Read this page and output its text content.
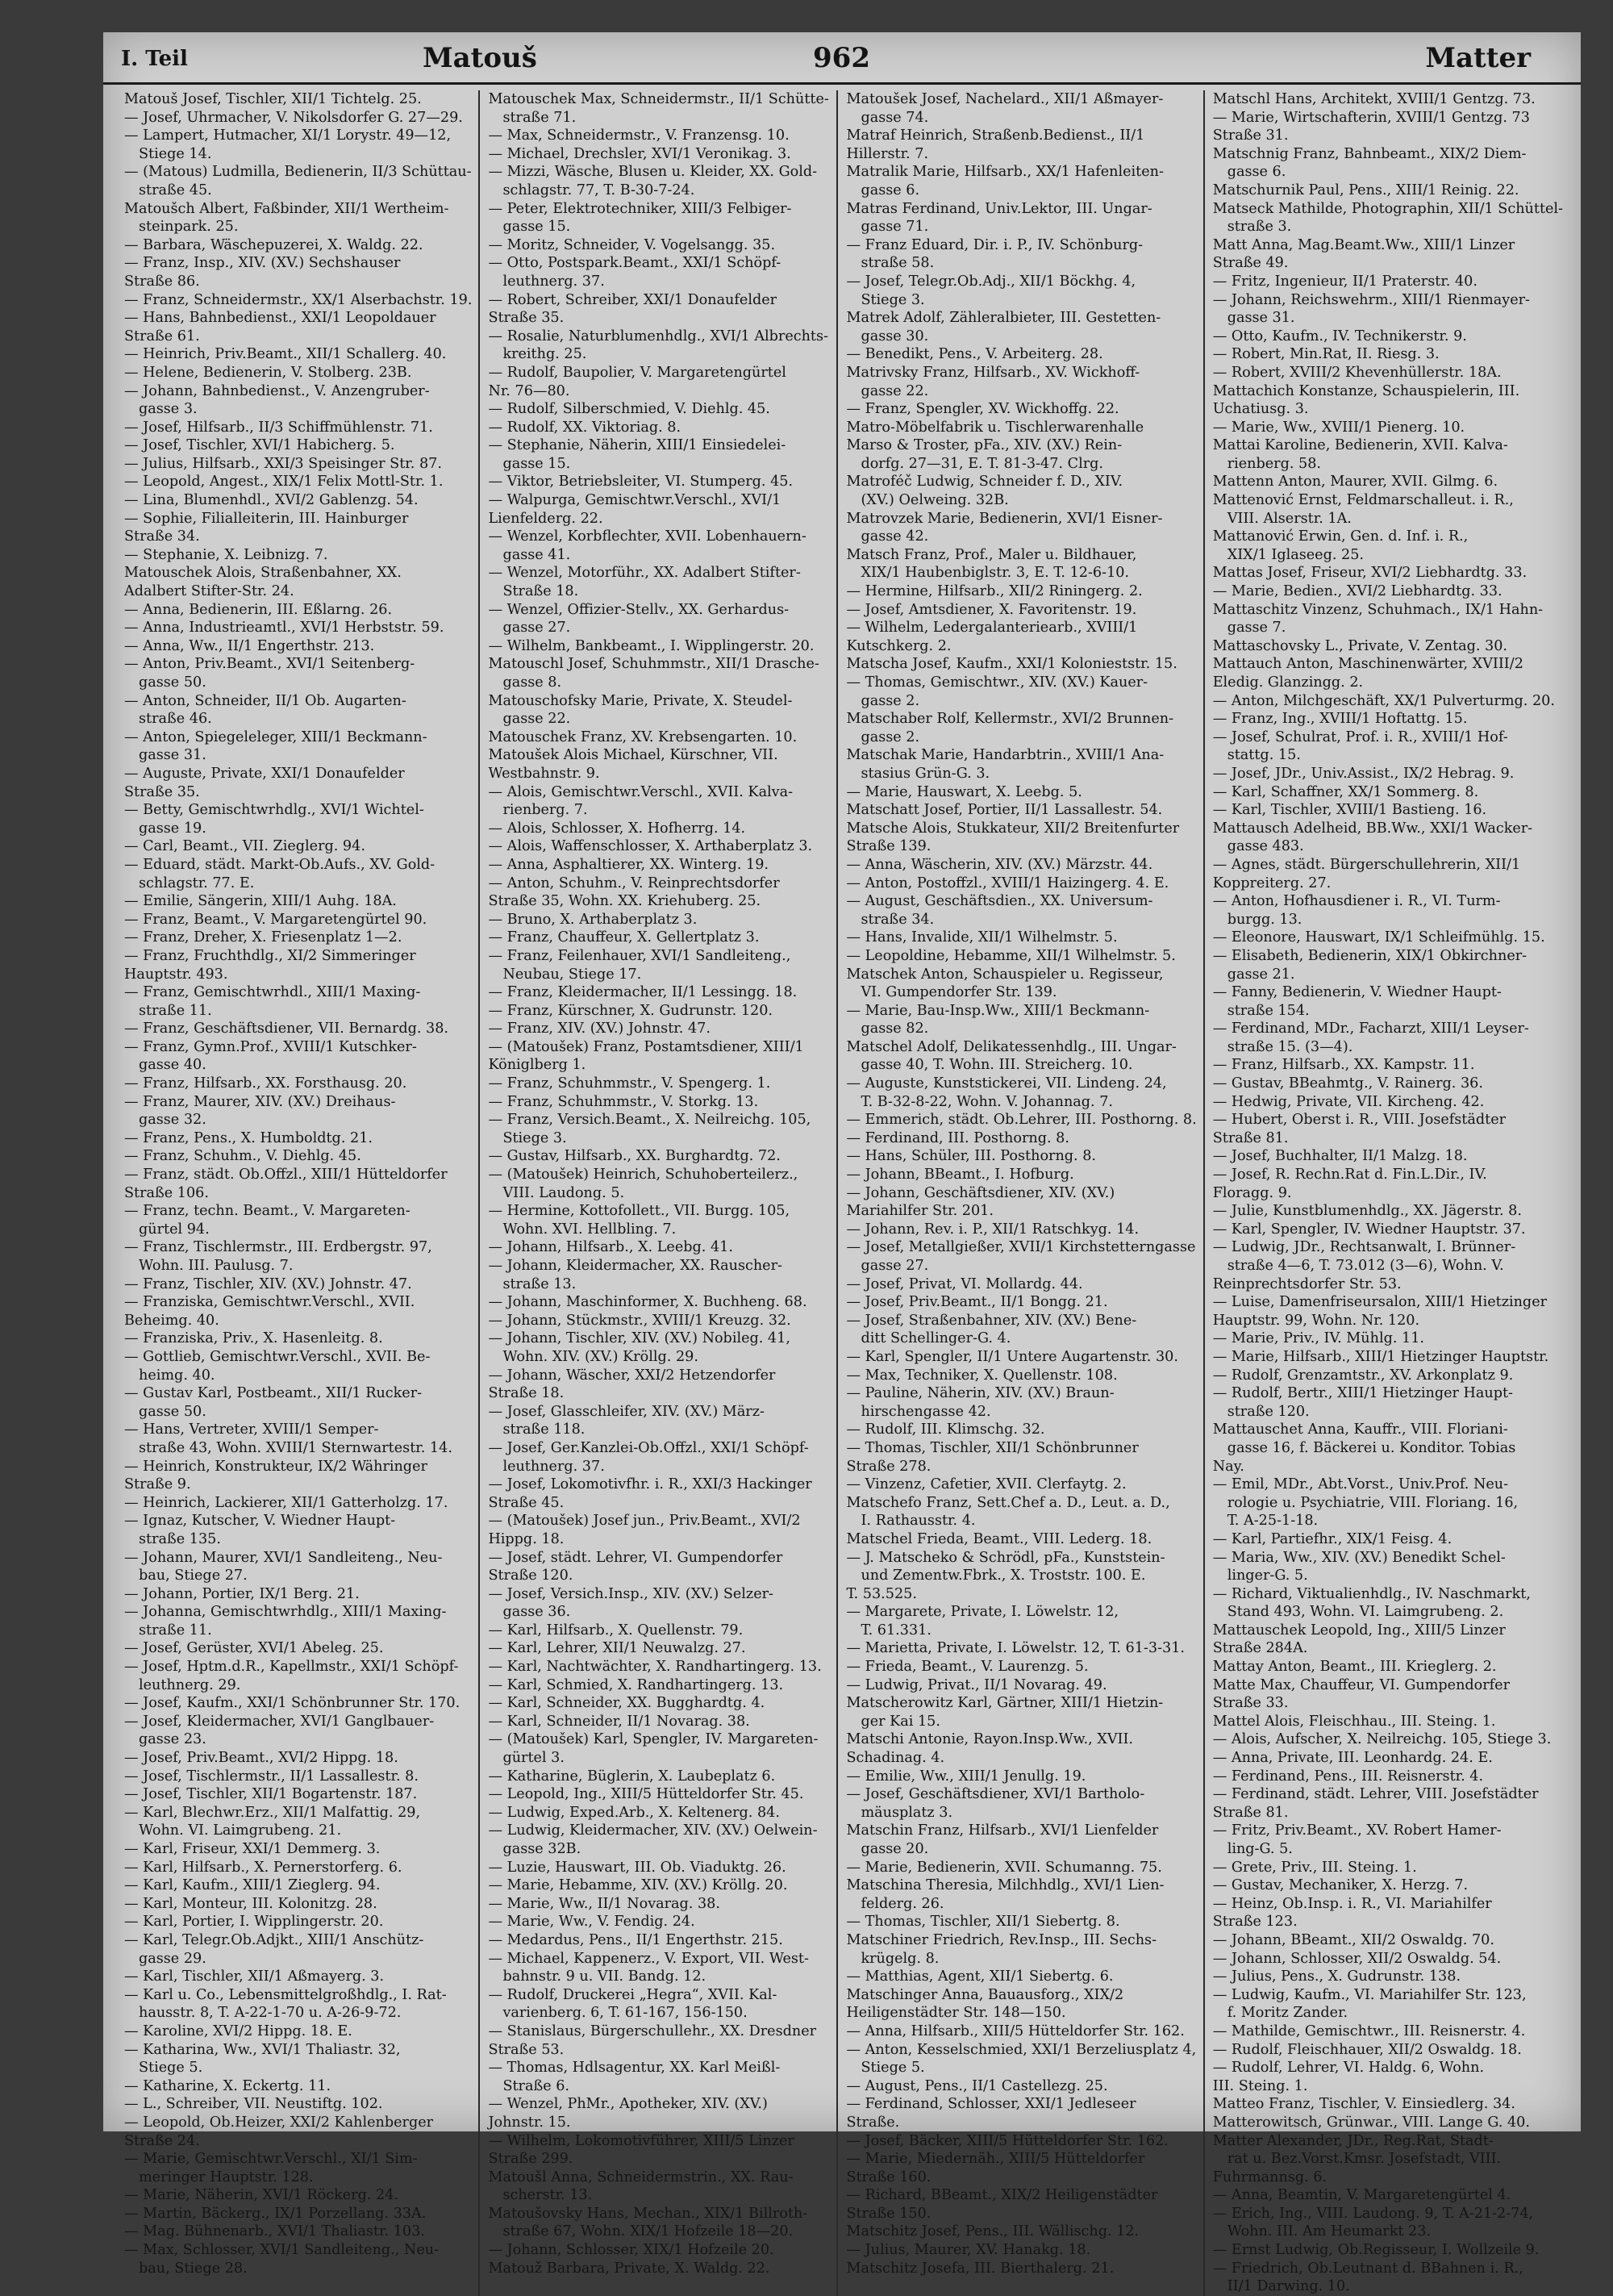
I. Teil	Matouš	962	Matter
Matouš Josef, Tischler, XII/1 Tichtelg. 25.
— Josef, Uhrmacher, V. Nikolsdorfer G. 27—29.
— Lampert, Hutmacher, XI/1 Lorystr. 49—12,
Stiege 14.
— (Matous) Ludmilla, Bedienerin, II/3 Schüttau-
straße 45.
Matoušch Albert, Faßbinder, XII/1 Wertheim-
steinpark. 25.
— Barbara, Wäschepuzerei, X. Waldg. 22.
— Franz, Insp., XIV. (XV.) Sechshauser
Straße 86.
— Franz, Schneidermstr., XX/1 Alserbachstr. 19.
— Hans, Bahnbedienst., XXI/1 Leopoldauer
Straße 61.
— Heinrich, Priv.Beamt., XII/1 Schallerg. 40.
— Helene, Bedienerin, V. Stolberg. 23B.
— Johann, Bahnbedienst., V. Anzengruber-
gasse 3.
— Josef, Hilfsarb., II/3 Schiffmühlenstr. 71.
— Josef, Tischler, XVI/1 Habicherg. 5.
— Julius, Hilfsarb., XXI/3 Speisinger Str. 87.
— Leopold, Angest., XIX/1 Felix Mottl-Str. 1.
— Lina, Blumenhdl., XVI/2 Gablenzg. 54.
— Sophie, Filialleiterin, III. Hainburger
Straße 34.
— Stephanie, X. Leibnizg. 7.
Matouschek Alois, Straßenbahner, XX.
Adalbert Stifter-Str. 24.
— Anna, Bedienerin, III. Eßlarng. 26.
— Anna, Industrieamtl., XVI/1 Herbststr. 59.
— Anna, Ww., II/1 Engerthstr. 213.
— Anton, Priv.Beamt., XVI/1 Seitenberg-
gasse 50.
— Anton, Schneider, II/1 Ob. Augarten-
straße 46.
— Anton, Spiegeleleger, XIII/1 Beckmann-
gasse 31.
— Auguste, Private, XXI/1 Donaufelder
Straße 35.
— Betty, Gemischtwrhdlg., XVI/1 Wichtel-
gasse 19.
— Carl, Beamt., VII. Zieglerg. 94.
— Eduard, städt. Markt-Ob.Aufs., XV. Gold-
schlagstr. 77. E.
— Emilie, Sängerin, XIII/1 Auhg. 18A.
— Franz, Beamt., V. Margaretengürtel 90.
— Franz, Dreher, X. Friesenplatz 1—2.
— Franz, Fruchthdlg., XI/2 Simmeringer
Hauptstr. 493.
— Franz, Gemischtwrhdl., XIII/1 Maxing-
straße 11.
— Franz, Geschäftsdiener, VII. Bernardg. 38.
— Franz, Gymn.Prof., XVIII/1 Kutschker-
gasse 40.
— Franz, Hilfsarb., XX. Forsthausg. 20.
— Franz, Maurer, XIV. (XV.) Dreihaus-
gasse 32.
— Franz, Pens., X. Humboldtg. 21.
— Franz, Schuhm., V. Diehlg. 45.
— Franz, städt. Ob.Offzl., XIII/1 Hütteldorfer
Straße 106.
— Franz, techn. Beamt., V. Margareten-
gürtel 94.
— Franz, Tischlermstr., III. Erdbergstr. 97,
Wohn. III. Paulusg. 7.
— Franz, Tischler, XIV. (XV.) Johnstr. 47.
— Franziska, Gemischtwr.Verschl., XVII.
Beheimg. 40.
— Franziska, Priv., X. Hasenleitg. 8.
— Gottlieb, Gemischtwr.Verschl., XVII. Be-
heimg. 40.
— Gustav Karl, Postbeamt., XII/1 Rucker-
gasse 50.
— Hans, Vertreter, XVIII/1 Semper-
straße 43, Wohn. XVIII/1 Sternwartestr. 14.
— Heinrich, Konstrukteur, IX/2 Währinger
Straße 9.
— Heinrich, Lackierer, XII/1 Gatterholzg. 17.
— Ignaz, Kutscher, V. Wiedner Haupt-
straße 135.
— Johann, Maurer, XVI/1 Sandleiteng., Neu-
bau, Stiege 27.
— Johann, Portier, IX/1 Berg. 21.
— Johanna, Gemischtwrhdlg., XIII/1 Maxing-
straße 11.
— Josef, Gerüster, XVI/1 Abeleg. 25.
— Josef, Hptm.d.R., Kapellmstr., XXI/1 Schöpf-
leuthnerg. 29.
— Josef, Kaufm., XXI/1 Schönbrunner Str. 170.
— Josef, Kleidermacher, XVI/1 Ganglbauer-
gasse 23.
— Josef, Priv.Beamt., XVI/2 Hippg. 18.
— Josef, Tischlermstr., II/1 Lassallestr. 8.
— Josef, Tischler, XII/1 Bogartenstr. 187.
— Karl, Blechwr.Erz., XII/1 Malfattig. 29,
Wohn. VI. Laimgrubeng. 21.
— Karl, Friseur, XXI/1 Demmerg. 3.
— Karl, Hilfsarb., X. Pernerstorferg. 6.
— Karl, Kaufm., XIII/1 Zieglerg. 94.
— Karl, Monteur, III. Kolonitzg. 28.
— Karl, Portier, I. Wipplingerstr. 20.
— Karl, Telegr.Ob.Adjkt., XIII/1 Anschütz-
gasse 29.
— Karl, Tischler, XII/1 Aßmayerg. 3.
— Karl u. Co., Lebensmittelgroßhdlg., I. Rat-
hausstr. 8, T. A-22-1-70 u. A-26-9-72.
— Karoline, XVI/2 Hippg. 18. E.
— Katharina, Ww., XVI/1 Thaliastr. 32,
Stiege 5.
— Katharine, X. Eckertg. 11.
— L., Schreiber, VII. Neustiftg. 102.
— Leopold, Ob.Heizer, XXI/2 Kahlenberger
Straße 24.
— Marie, Gemischtwr.Verschl., XI/1 Sim-
meringer Hauptstr. 128.
— Marie, Näherin, XVI/1 Röckerg. 24.
— Martin, Bäckerg., IX/1 Porzellang. 33A.
— Mag. Bühnenarb., XVI/1 Thaliastr. 103.
— Max, Schlosser, XVI/1 Sandleiteng., Neu-
bau, Stiege 28.
Matouschek Max, Schneidermstr., II/1 Schütte-
straße 71.
— Max, Schneidermstr., V. Franzensg. 10.
— Michael, Drechsler, XVI/1 Veronikag. 3.
— Mizzi, Wäsche, Blusen u. Kleider, XX. Gold-
schlagstr. 77, T. B-30-7-24.
— Peter, Elektrotechniker, XIII/3 Felbiger-
gasse 15.
— Moritz, Schneider, V. Vogelsangg. 35.
— Otto, Postspark.Beamt., XXI/1 Schöpf-
leuthnerg. 37.
— Robert, Schreiber, XXI/1 Donaufelder
Straße 35.
— Rosalie, Naturblumenhdlg., XVI/1 Albrechts-
kreithg. 25.
— Rudolf, Baupolier, V. Margaretengürtel
Nr. 76—80.
— Rudolf, Silberschmied, V. Diehlg. 45.
— Rudolf, XX. Viktoriag. 8.
— Stephanie, Näherin, XIII/1 Einsiedelei-
gasse 15.
— Viktor, Betriebsleiter, VI. Stumperg. 45.
— Walpurga, Gemischtwr.Verschl., XVI/1
Lienfelderg. 22.
— Wenzel, Korbflechter, XVII. Lobenhauern-
gasse 41.
— Wenzel, Motorführ., XX. Adalbert Stifter-
Straße 18.
— Wenzel, Offizier-Stellv., XX. Gerhardus-
gasse 27.
— Wilhelm, Bankbeamt., I. Wipplingerstr. 20.
Matouschl Josef, Schuhmmstr., XII/1 Drasche-
gasse 8.
Matouschofsky Marie, Private, X. Steudel-
gasse 22.
Matouschek Franz, XV. Krebsengarten. 10.
Matoušek Alois Michael, Kürschner, VII.
Westbahnstr. 9.
— Alois, Gemischtwr.Verschl., XVII. Kalva-
rienberg. 7.
— Alois, Schlosser, X. Hofherrg. 14.
— Alois, Waffenschlosser, X. Arthaberplatz 3.
— Anna, Asphaltierer, XX. Winterg. 19.
— Anton, Schuhm., V. Reinprechtsdorfer
Straße 35, Wohn. XX. Kriehuberg. 25.
— Bruno, X. Arthaberplatz 3.
— Franz, Chauffeur, X. Gellertplatz 3.
— Franz, Feilenhauer, XVI/1 Sandleiteng.,
Neubau, Stiege 17.
— Franz, Kleidermacher, II/1 Lessingg. 18.
— Franz, Kürschner, X. Gudrunstr. 120.
— Franz, XIV. (XV.) Johnstr. 47.
— (Matoušek) Franz, Postamtsdiener, XIII/1
Königlberg 1.
— Franz, Schuhmmstr., V. Spengerg. 1.
— Franz, Schuhmmstr., V. Storkg. 13.
— Franz, Versich.Beamt., X. Neilreichg. 105,
Stiege 3.
— Gustav, Hilfsarb., XX. Burghardtg. 72.
— (Matoušek) Heinrich, Schuhoberteilerz.,
VIII. Laudong. 5.
— Hermine, Kottofollett., VII. Burgg. 105,
Wohn. XVI. Hellbling. 7.
— Johann, Hilfsarb., X. Leebg. 41.
— Johann, Kleidermacher, XX. Rauscher-
straße 13.
— Johann, Maschinformer, X. Buchheng. 68.
— Johann, Stückmstr., XVIII/1 Kreuzg. 32.
— Johann, Tischler, XIV. (XV.) Nobileg. 41,
Wohn. XIV. (XV.) Kröllg. 29.
— Johann, Wäscher, XXI/2 Hetzendorfer
Straße 18.
— Josef, Glasschleifer, XIV. (XV.) März-
straße 118.
— Josef, Ger.Kanzlei-Ob.Offzl., XXI/1 Schöpf-
leuthnerg. 37.
— Josef, Lokomotivfhr. i. R., XXI/3 Hackinger
Straße 45.
— (Matoušek) Josef jun., Priv.Beamt., XVI/2
Hippg. 18.
— Josef, städt. Lehrer, VI. Gumpendorfer
Straße 120.
— Josef, Versich.Insp., XIV. (XV.) Selzer-
gasse 36.
— Karl, Hilfsarb., X. Quellenstr. 79.
— Karl, Lehrer, XII/1 Neuwalzg. 27.
— Karl, Nachtwächter, X. Randhartingerg. 13.
— Karl, Schmied, X. Randhartingerg. 13.
— Karl, Schneider, XX. Bugghardtg. 4.
— Karl, Schneider, II/1 Novarag. 38.
— (Matoušek) Karl, Spengler, IV. Margareten-
gürtel 3.
— Katharine, Büglerin, X. Laubeplatz 6.
— Leopold, Ing., XIII/5 Hütteldorfer Str. 45.
— Ludwig, Exped.Arb., X. Keltenerg. 84.
— Ludwig, Kleidermacher, XIV. (XV.) Oelwein-
gasse 32B.
— Luzie, Hauswart, III. Ob. Viaduktg. 26.
— Marie, Hebamme, XIV. (XV.) Kröllg. 20.
— Marie, Ww., II/1 Novarag. 38.
— Marie, Ww., V. Fendig. 24.
— Medardus, Pens., II/1 Engerthstr. 215.
— Michael, Kappenerz., V. Export, VII. West-
bahnstr. 9 u. VII. Bandg. 12.
— Rudolf, Druckerei „Hegra“, XVII. Kal-
varienberg. 6, T. 61-167, 156-150.
— Stanislaus, Bürgerschullehr., XX. Dresdner
Straße 53.
— Thomas, Hdlsagentur, XX. Karl Meißl-
Straße 6.
— Wenzel, PhMr., Apotheker, XIV. (XV.)
Johnstr. 15.
— Wilhelm, Lokomotivführer, XIII/5 Linzer
Straße 299.
Matoušl Anna, Schneidermstrin., XX. Rau-
scherstr. 13.
Matoušovsky Hans, Mechan., XIX/1 Billroth-
straße 67, Wohn. XIX/1 Hofzeile 18—20.
— Johann, Schlosser, XIX/1 Hofzeile 20.
Matouž Barbara, Private, X. Waldg. 22.
Matoušek Josef, Nachelard., XII/1 Aßmayer-
gasse 74.
Matraf Heinrich, Straßenb.Bedienst., II/1
Hillerstr. 7.
Matralik Marie, Hilfsarb., XX/1 Hafenleiten-
gasse 6.
Matras Ferdinand, Univ.Lektor, III. Ungar-
gasse 71.
— Franz Eduard, Dir. i. P., IV. Schönburg-
straße 58.
— Josef, Telegr.Ob.Adj., XII/1 Böckhg. 4,
Stiege 3.
Matrek Adolf, Zähleralbieter, III. Gestetten-
gasse 30.
— Benedikt, Pens., V. Arbeiterg. 28.
Matrivsky Franz, Hilfsarb., XV. Wickhoff-
gasse 22.
— Franz, Spengler, XV. Wickhoffg. 22.
Matro-Möbelfabrik u. Tischlerwarenhalle
Marso & Troster, pFa., XIV. (XV.) Rein-
dorfg. 27—31, E. T. 81-3-47. Clrg.
Matroféč Ludwig, Schneider f. D., XIV.
(XV.) Oelweing. 32B.
Matrovzek Marie, Bedienerin, XVI/1 Eisner-
gasse 42.
Matsch Franz, Prof., Maler u. Bildhauer,
XIX/1 Haubenbiglstr. 3, E. T. 12-6-10.
— Hermine, Hilfsarb., XII/2 Riningerg. 2.
— Josef, Amtsdiener, X. Favoritenstr. 19.
— Wilhelm, Ledergalanteriearb., XVIII/1
Kutschkerg. 2.
Matscha Josef, Kaufm., XXI/1 Kolonieststr. 15.
— Thomas, Gemischtwr., XIV. (XV.) Kauer-
gasse 2.
Matschaber Rolf, Kellermstr., XVI/2 Brunnen-
gasse 2.
Matschak Marie, Handarbtrin., XVIII/1 Ana-
stasius Grün-G. 3.
— Marie, Hauswart, X. Leebg. 5.
Matschatt Josef, Portier, II/1 Lassallestr. 54.
Matsche Alois, Stukkateur, XII/2 Breitenfurter
Straße 139.
— Anna, Wäscherin, XIV. (XV.) Märzstr. 44.
— Anton, Postoffzl., XVIII/1 Haizingerg. 4. E.
— August, Geschäftsdien., XX. Universum-
straße 34.
— Hans, Invalide, XII/1 Wilhelmstr. 5.
— Leopoldine, Hebamme, XII/1 Wilhelmstr. 5.
Matschek Anton, Schauspieler u. Regisseur,
VI. Gumpendorfer Str. 139.
— Marie, Bau-Insp.Ww., XIII/1 Beckmann-
gasse 82.
Matschel Adolf, Delikatessenhdlg., III. Ungar-
gasse 40, T. Wohn. III. Streicherg. 10.
— Auguste, Kunststickerei, VII. Lindeng. 24,
T. B-32-8-22, Wohn. V. Johannag. 7.
— Emmerich, städt. Ob.Lehrer, III. Posthorng. 8.
— Ferdinand, III. Posthorng. 8.
— Hans, Schüler, III. Posthorng. 8.
— Johann, BBeamt., I. Hofburg.
— Johann, Geschäftsdiener, XIV. (XV.)
Mariahilfer Str. 201.
— Johann, Rev. i. P., XII/1 Ratschkyg. 14.
— Josef, Metallgießer, XVII/1 Kirchstetterngasse
gasse 27.
— Josef, Privat, VI. Mollardg. 44.
— Josef, Priv.Beamt., II/1 Bongg. 21.
— Josef, Straßenbahner, XIV. (XV.) Bene-
ditt Schellinger-G. 4.
— Karl, Spengler, II/1 Untere Augartenstr. 30.
— Max, Techniker, X. Quellenstr. 108.
— Pauline, Näherin, XIV. (XV.) Braun-
hirschengasse 42.
— Rudolf, III. Klimschg. 32.
— Thomas, Tischler, XII/1 Schönbrunner
Straße 278.
— Vinzenz, Cafetier, XVII. Clerfaytg. 2.
Matschefo Franz, Sett.Chef a. D., Leut. a. D.,
I. Rathausstr. 4.
Matschel Frieda, Beamt., VIII. Lederg. 18.
— J. Matscheko & Schrödl, pFa., Kunststein-
und Zementw.Fbrk., X. Troststr. 100. E.
T. 53.525.
— Margarete, Private, I. Löwelstr. 12,
T. 61.331.
— Marietta, Private, I. Löwelstr. 12, T. 61-3-31.
— Frieda, Beamt., V. Laurenzg. 5.
— Ludwig, Privat., II/1 Novarag. 49.
Matscherowitz Karl, Gärtner, XIII/1 Hietzin-
ger Kai 15.
Matschi Antonie, Rayon.Insp.Ww., XVII.
Schadinag. 4.
— Emilie, Ww., XIII/1 Jenullg. 19.
— Josef, Geschäftsdiener, XVI/1 Bartholo-
mäusplatz 3.
Matschin Franz, Hilfsarb., XVI/1 Lienfelder
gasse 20.
— Marie, Bedienerin, XVII. Schumanng. 75.
Matschina Theresia, Milchhdlg., XVI/1 Lien-
felderg. 26.
— Thomas, Tischler, XII/1 Siebertg. 8.
Matschiner Friedrich, Rev.Insp., III. Sechs-
krügelg. 8.
— Matthias, Agent, XII/1 Siebertg. 6.
Matschinger Anna, Bauausforg., XIX/2
Heiligenstädter Str. 148—150.
— Anna, Hilfsarb., XIII/5 Hütteldorfer Str. 162.
— Anton, Kesselschmied, XXI/1 Berzeliusplatz 4,
Stiege 5.
— August, Pens., II/1 Castellezg. 25.
— Ferdinand, Schlosser, XXI/1 Jedleseer
Straße.
— Josef, Bäcker, XIII/5 Hütteldorfer Str. 162.
— Marie, Miedernäh., XIII/5 Hütteldorfer
Straße 160.
— Richard, BBeamt., XIX/2 Heiligenstädter
Straße 150.
Matschitz Josef, Pens., III. Wällischg. 12.
— Julius, Maurer, XV. Hanakg. 18.
Matschitz Josefa, III. Bierthalerg. 21.
Matschl Hans, Architekt, XVIII/1 Gentzg. 73.
— Marie, Wirtschafterin, XVIII/1 Gentzg. 73
Straße 31.
Matschnig Franz, Bahnbeamt., XIX/2 Diem-
gasse 6.
Matschurnik Paul, Pens., XIII/1 Reinig. 22.
Matseck Mathilde, Photographin, XII/1 Schüttel-
straße 3.
Matt Anna, Mag.Beamt.Ww., XIII/1 Linzer
Straße 49.
— Fritz, Ingenieur, II/1 Praterstr. 40.
— Johann, Reichswehrm., XIII/1 Rienmayer-
gasse 31.
— Otto, Kaufm., IV. Technikerstr. 9.
— Robert, Min.Rat, II. Riesg. 3.
— Robert, XVIII/2 Khevenhüllerstr. 18A.
Mattachich Konstanze, Schauspielerin, III.
Uchatiusg. 3.
— Marie, Ww., XVIII/1 Pienerg. 10.
Mattai Karoline, Bedienerin, XVII. Kalva-
rienberg. 58.
Mattenn Anton, Maurer, XVII. Gilmg. 6.
Mattenović Ernst, Feldmarschalleut. i. R.,
VIII. Alserstr. 1A.
Mattanović Erwin, Gen. d. Inf. i. R.,
XIX/1 Iglaseeg. 25.
Mattas Josef, Friseur, XVI/2 Liebhardtg. 33.
— Marie, Bedien., XVI/2 Liebhardtg. 33.
Mattaschitz Vinzenz, Schuhmach., IX/1 Hahn-
gasse 7.
Mattaschovsky L., Private, V. Zentag. 30.
Mattauch Anton, Maschinenwärter, XVIII/2
Eledig. Glanzingg. 2.
— Anton, Milchgeschäft, XX/1 Pulverturmg. 20.
— Franz, Ing., XVIII/1 Hoftattg. 15.
— Josef, Schulrat, Prof. i. R., XVIII/1 Hof-
stattg. 15.
— Josef, JDr., Univ.Assist., IX/2 Hebrag. 9.
— Karl, Schaffner, XX/1 Sommerg. 8.
— Karl, Tischler, XVIII/1 Bastieng. 16.
Mattausch Adelheid, BB.Ww., XXI/1 Wacker-
gasse 483.
— Agnes, städt. Bürgerschullehrerin, XII/1
Koppreiterg. 27.
— Anton, Hofhausdiener i. R., VI. Turm-
burgg. 13.
— Eleonore, Hauswart, IX/1 Schleifmühlg. 15.
— Elisabeth, Bedienerin, XIX/1 Obkirchner-
gasse 21.
— Fanny, Bedienerin, V. Wiedner Haupt-
straße 154.
— Ferdinand, MDr., Facharzt, XIII/1 Leyser-
straße 15. (3—4).
— Franz, Hilfsarb., XX. Kampstr. 11.
— Gustav, BBeahmtg., V. Rainerg. 36.
— Hedwig, Private, VII. Kircheng. 42.
— Hubert, Oberst i. R., VIII. Josefstädter
Straße 81.
— Josef, Buchhalter, II/1 Malzg. 18.
— Josef, R. Rechn.Rat d. Fin.L.Dir., IV.
Floragg. 9.
— Julie, Kunstblumenhdlg., XX. Jägerstr. 8.
— Karl, Spengler, IV. Wiedner Hauptstr. 37.
— Ludwig, JDr., Rechtsanwalt, I. Brünner-
straße 4—6, T. 73.012 (3—6), Wohn. V.
Reinprechtsdorfer Str. 53.
— Luise, Damenfriseursalon, XIII/1 Hietzinger
Hauptstr. 99, Wohn. Nr. 120.
— Marie, Priv., IV. Mühlg. 11.
— Marie, Hilfsarb., XIII/1 Hietzinger Hauptstr.
— Rudolf, Grenzamtstr., XV. Arkonplatz 9.
— Rudolf, Bertr., XIII/1 Hietzinger Haupt-
straße 120.
Mattauschet Anna, Kauffr., VIII. Floriani-
gasse 16, f. Bäckerei u. Konditor. Tobias
Nay.
— Emil, MDr., Abt.Vorst., Univ.Prof. Neu-
rologie u. Psychiatrie, VIII. Floriang. 16,
T. A-25-1-18.
— Karl, Partiefhr., XIX/1 Feisg. 4.
— Maria, Ww., XIV. (XV.) Benedikt Schel-
linger-G. 5.
— Richard, Viktualienhdlg., IV. Naschmarkt,
Stand 493, Wohn. VI. Laimgrubeng. 2.
Mattauschek Leopold, Ing., XIII/5 Linzer
Straße 284A.
Mattay Anton, Beamt., III. Krieglerg. 2.
Matte Max, Chauffeur, VI. Gumpendorfer
Straße 33.
Mattel Alois, Fleischhau., III. Steing. 1.
— Alois, Aufscher, X. Neilreichg. 105, Stiege 3.
— Anna, Private, III. Leonhardg. 24. E.
— Ferdinand, Pens., III. Reisnerstr. 4.
— Ferdinand, städt. Lehrer, VIII. Josefstädter
Straße 81.
— Fritz, Priv.Beamt., XV. Robert Hamer-
ling-G. 5.
— Grete, Priv., III. Steing. 1.
— Gustav, Mechaniker, X. Herzg. 7.
— Heinz, Ob.Insp. i. R., VI. Mariahilfer
Straße 123.
— Johann, BBeamt., XII/2 Oswaldg. 70.
— Johann, Schlosser, XII/2 Oswaldg. 54.
— Julius, Pens., X. Gudrunstr. 138.
— Ludwig, Kaufm., VI. Mariahilfer Str. 123,
f. Moritz Zander.
— Mathilde, Gemischtwr., III. Reisnerstr. 4.
— Rudolf, Fleischhauer, XII/2 Oswaldg. 18.
— Rudolf, Lehrer, VI. Haldg. 6, Wohn.
III. Steing. 1.
Matteo Franz, Tischler, V. Einsiedlerg. 34.
Matterowitsch, Grünwar., VIII. Lange G. 40.
Matter Alexander, JDr., Reg.Rat, Stadt-
rat u. Bez.Vorst.Kmsr. Josefstadt, VIII.
Fuhrmannsg. 6.
— Anna, Beamtin, V. Margaretengürtel 4.
— Erich, Ing., VIII. Laudong. 9, T. A-21-2-74,
Wohn. III. Am Heumarkt 23.
— Ernst Ludwig, Ob.Regisseur, I. Wollzeile 9.
— Friedrich, Ob.Leutnant d. BBahnen i. R.,
II/1 Darwing. 10.
